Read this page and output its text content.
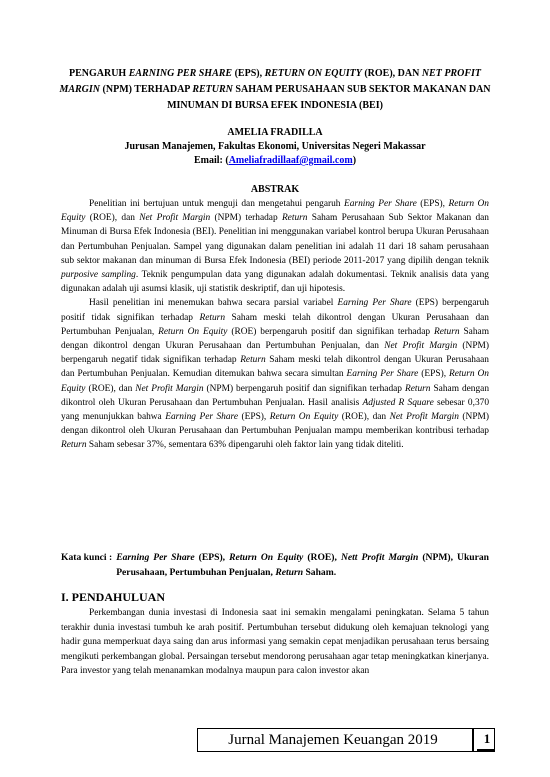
PENGARUH EARNING PER SHARE (EPS), RETURN ON EQUITY (ROE), DAN NET PROFIT MARGIN (NPM) TERHADAP RETURN SAHAM PERUSAHAAN SUB SEKTOR MAKANAN DAN MINUMAN DI BURSA EFEK INDONESIA (BEI)
AMELIA FRADILLA
Jurusan Manajemen, Fakultas Ekonomi, Universitas Negeri Makassar
Email: (Ameliafradillaaf@gmail.com)
ABSTRAK

Penelitian ini bertujuan untuk menguji dan mengetahui pengaruh Earning Per Share (EPS), Return On Equity (ROE), dan Net Profit Margin (NPM) terhadap Return Saham Perusahaan Sub Sektor Makanan dan Minuman di Bursa Efek Indonesia (BEI). Penelitian ini menggunakan variabel kontrol berupa Ukuran Perusahaan dan Pertumbuhan Penjualan. Sampel yang digunakan dalam penelitian ini adalah 11 dari 18 saham perusahaan sub sektor makanan dan minuman di Bursa Efek Indonesia (BEI) periode 2011-2017 yang dipilih dengan teknik purposive sampling. Teknik pengumpulan data yang digunakan adalah dokumentasi. Teknik analisis data yang digunakan adalah uji asumsi klasik, uji statistik deskriptif, dan uji hipotesis.

Hasil penelitian ini menemukan bahwa secara parsial variabel Earning Per Share (EPS) berpengaruh positif tidak signifikan terhadap Return Saham meski telah dikontrol dengan Ukuran Perusahaan dan Pertumbuhan Penjualan, Return On Equity (ROE) berpengaruh positif dan signifikan terhadap Return Saham dengan dikontrol dengan Ukuran Perusahaan dan Pertumbuhan Penjualan, dan Net Profit Margin (NPM) berpengaruh negatif tidak signifikan terhadap Return Saham meski telah dikontrol dengan Ukuran Perusahaan dan Pertumbuhan Penjualan. Kemudian ditemukan bahwa secara simultan Earning Per Share (EPS), Return On Equity (ROE), dan Net Profit Margin (NPM) berpengaruh positif dan signifikan terhadap Return Saham dengan dikontrol oleh Ukuran Perusahaan dan Pertumbuhan Penjualan. Hasil analisis Adjusted R Square sebesar 0,370 yang menunjukkan bahwa Earning Per Share (EPS), Return On Equity (ROE), dan Net Profit Margin (NPM) dengan dikontrol oleh Ukuran Perusahaan dan Pertumbuhan Penjualan mampu memberikan kontribusi terhadap Return Saham sebesar 37%, sementara 63% dipengaruhi oleh faktor lain yang tidak diteliti.

Kata kunci : Earning Per Share (EPS), Return On Equity (ROE), Nett Profit Margin (NPM), Ukuran Perusahaan, Pertumbuhan Penjualan, Return Saham.
I. PENDAHULUAN

Perkembangan dunia investasi di Indonesia saat ini semakin mengalami peningkatan. Selama 5 tahun terakhir dunia investasi tumbuh ke arah positif. Pertumbuhan tersebut didukung oleh kemajuan teknologi yang hadir guna memperkuat daya saing dan arus informasi yang semakin cepat menjadikan perusahaan terus bersaing mengikuti perkembangan global. Persaingan tersebut mendorong perusahaan agar tetap meningkatkan kinerjanya. Para investor yang telah menanamkan modalnya maupun para calon investor akan

Jurnal Manajemen Keuangan 2019	1
